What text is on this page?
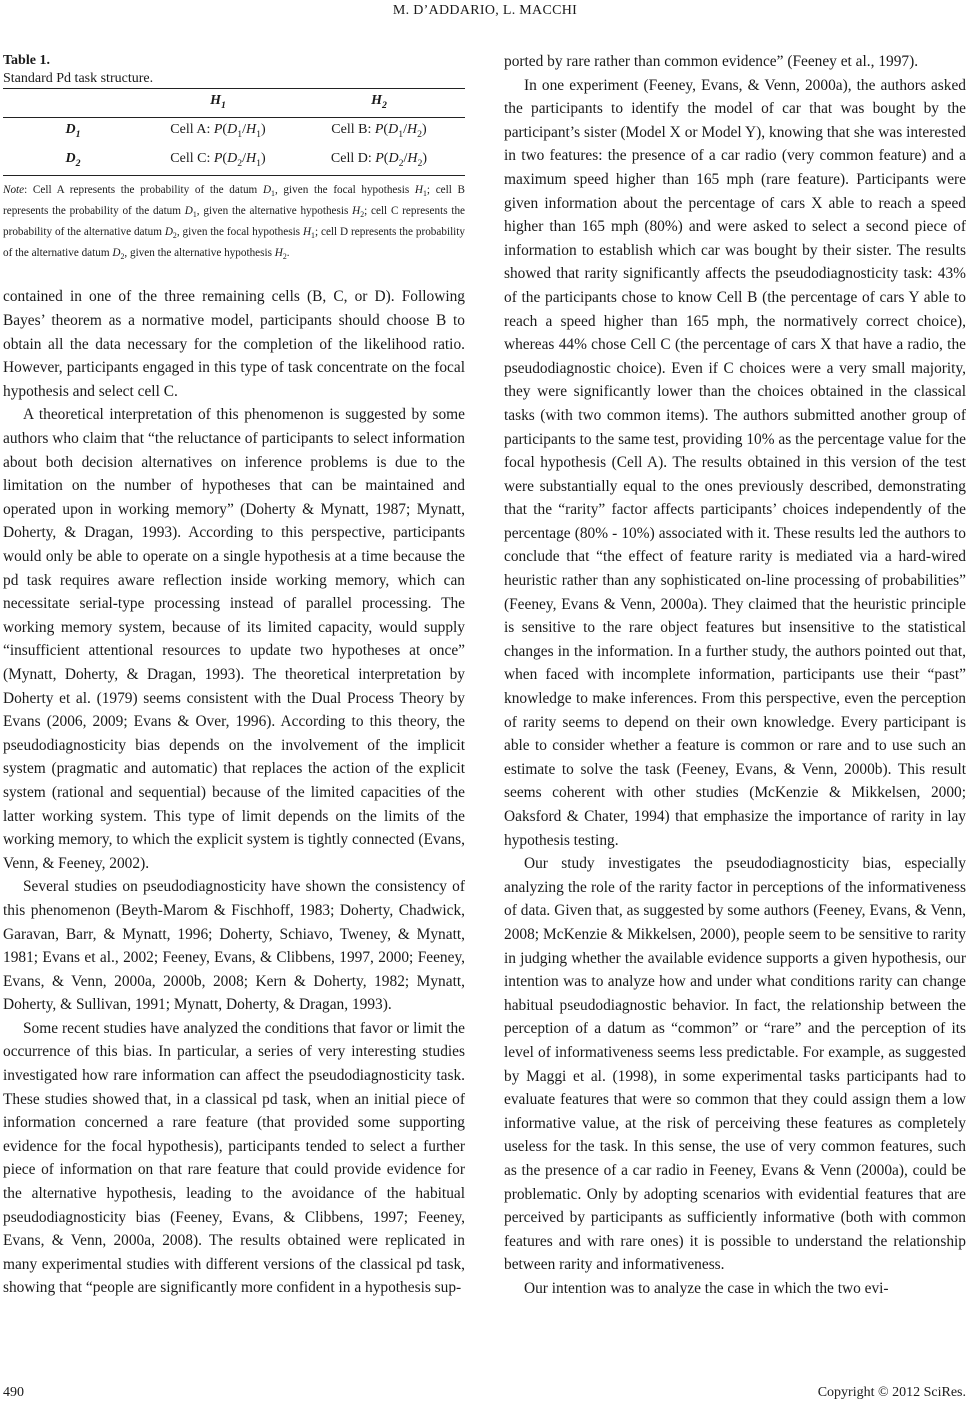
M. D’ADDARIO, L. MACCHI

Table 1.

Standard Pd task structure.

	$H_1$	$H_2$
$D_1$	Cell A: $P(D_1/H_1)$	Cell B: $P(D_1/H_2)$
$D_2$	Cell C: $P(D_2/H_1)$	Cell D: $P(D_2/H_2)$
Note: Cell A represents the probability of the datum $D_1$, given the focal hypothesis $H_1$; cell B represents the probability of the datum $D_1$, given the alternative hypothesis $H_2$; cell C represents the probability of the alternative datum $D_2$, given the focal hypothesis $H_1$; cell D represents the probability of the alternative datum $D_2$, given the alternative hypothesis $H_2$.

contained in one of the three remaining cells (B, C, or D). Following Bayes’ theorem as a normative model, participants should choose B to obtain all the data necessary for the completion of the likelihood ratio. However, participants engaged in this type of task concentrate on the focal hypothesis and select cell C.

A theoretical interpretation of this phenomenon is suggested by some authors who claim that “the reluctance of participants to select information about both decision alternatives on inference problems is due to the limitation on the number of hypotheses that can be maintained and operated upon in working memory” (Doherty & Mynatt, 1987; Mynatt, Doherty, & Dragan, 1993). According to this perspective, participants would only be able to operate on a single hypothesis at a time because the pd task requires aware reflection inside working memory, which can necessitate serial-type processing instead of parallel processing. The working memory system, because of its limited capacity, would supply “insufficient attentional resources to update two hypotheses at once” (Mynatt, Doherty, & Dragan, 1993). The theoretical interpretation by Doherty et al. (1979) seems consistent with the Dual Process Theory by Evans (2006, 2009; Evans & Over, 1996). According to this theory, the pseudodiagnosticity bias depends on the involvement of the implicit system (pragmatic and automatic) that replaces the action of the explicit system (rational and sequential) because of the limited capacities of the latter working system. This type of limit depends on the limits of the working memory, to which the explicit system is tightly connected (Evans, Venn, & Feeney, 2002).

Several studies on pseudodiagnosticity have shown the consistency of this phenomenon (Beyth-Marom & Fischhoff, 1983; Doherty, Chadwick, Garavan, Barr, & Mynatt, 1996; Doherty, Schiavo, Tweney, & Mynatt, 1981; Evans et al., 2002; Feeney, Evans, & Clibbens, 1997, 2000; Feeney, Evans, & Venn, 2000a, 2000b, 2008; Kern & Doherty, 1982; Mynatt, Doherty, & Sullivan, 1991; Mynatt, Doherty, & Dragan, 1993).

Some recent studies have analyzed the conditions that favor or limit the occurrence of this bias. In particular, a series of very interesting studies investigated how rare information can affect the pseudodiagnosticity task. These studies showed that, in a classical pd task, when an initial piece of information concerned a rare feature (that provided some supporting evidence for the focal hypothesis), participants tended to select a further piece of information on that rare feature that could provide evidence for the alternative hypothesis, leading to the avoidance of the habitual pseudodiagnosticity bias (Feeney, Evans, & Clibbens, 1997; Feeney, Evans, & Venn, 2000a, 2008). The results obtained were replicated in many experimental studies with different versions of the classical pd task, showing that “people are significantly more confident in a hypothesis sup-

ported by rare rather than common evidence” (Feeney et al., 1997).

In one experiment (Feeney, Evans, & Venn, 2000a), the authors asked the participants to identify the model of car that was bought by the participant’s sister (Model X or Model Y), knowing that she was interested in two features: the presence of a car radio (very common feature) and a maximum speed higher than 165 mph (rare feature). Participants were given information about the percentage of cars X able to reach a speed higher than 165 mph (80%) and were asked to select a second piece of information to establish which car was bought by their sister. The results showed that rarity significantly affects the pseudodiagnosticity task: 43% of the participants chose to know Cell B (the percentage of cars Y able to reach a speed higher than 165 mph, the normatively correct choice), whereas 44% chose Cell C (the percentage of cars X that have a radio, the pseudodiagnostic choice). Even if C choices were a very small majority, they were significantly lower than the choices obtained in the classical tasks (with two common items). The authors submitted another group of participants to the same test, providing 10% as the percentage value for the focal hypothesis (Cell A). The results obtained in this version of the test were substantially equal to the ones previously described, demonstrating that the “rarity” factor affects participants’ choices independently of the percentage (80% - 10%) associated with it. These results led the authors to conclude that “the effect of feature rarity is mediated via a hard-wired heuristic rather than any sophisticated on-line processing of probabilities” (Feeney, Evans & Venn, 2000a). They claimed that the heuristic principle is sensitive to the rare object features but insensitive to the statistical changes in the information. In a further study, the authors pointed out that, when faced with incomplete information, participants use their “past” knowledge to make inferences. From this perspective, even the perception of rarity seems to depend on their own knowledge. Every participant is able to consider whether a feature is common or rare and to use such an estimate to solve the task (Feeney, Evans, & Venn, 2000b). This result seems coherent with other studies (McKenzie & Mikkelsen, 2000; Oaksford & Chater, 1994) that emphasize the importance of rarity in lay hypothesis testing.

Our study investigates the pseudodiagnosticity bias, especially analyzing the role of the rarity factor in perceptions of the informativeness of data. Given that, as suggested by some authors (Feeney, Evans, & Venn, 2008; McKenzie & Mikkelsen, 2000), people seem to be sensitive to rarity in judging whether the available evidence supports a given hypothesis, our intention was to analyze how and under what conditions rarity can change habitual pseudodiagnostic behavior. In fact, the relationship between the perception of a datum as “common” or “rare” and the perception of its level of informativeness seems less predictable. For example, as suggested by Maggi et al. (1998), in some experimental tasks participants had to evaluate features that were so common that they could assign them a low informative value, at the risk of perceiving these features as completely useless for the task. In this sense, the use of very common features, such as the presence of a car radio in Feeney, Evans & Venn (2000a), could be problematic. Only by adopting scenarios with evidential features that are perceived by participants as sufficiently informative (both with common features and with rare ones) it is possible to understand the relationship between rarity and informativeness.

Our intention was to analyze the case in which the two evi-

490	Copyright © 2012 SciRes.
